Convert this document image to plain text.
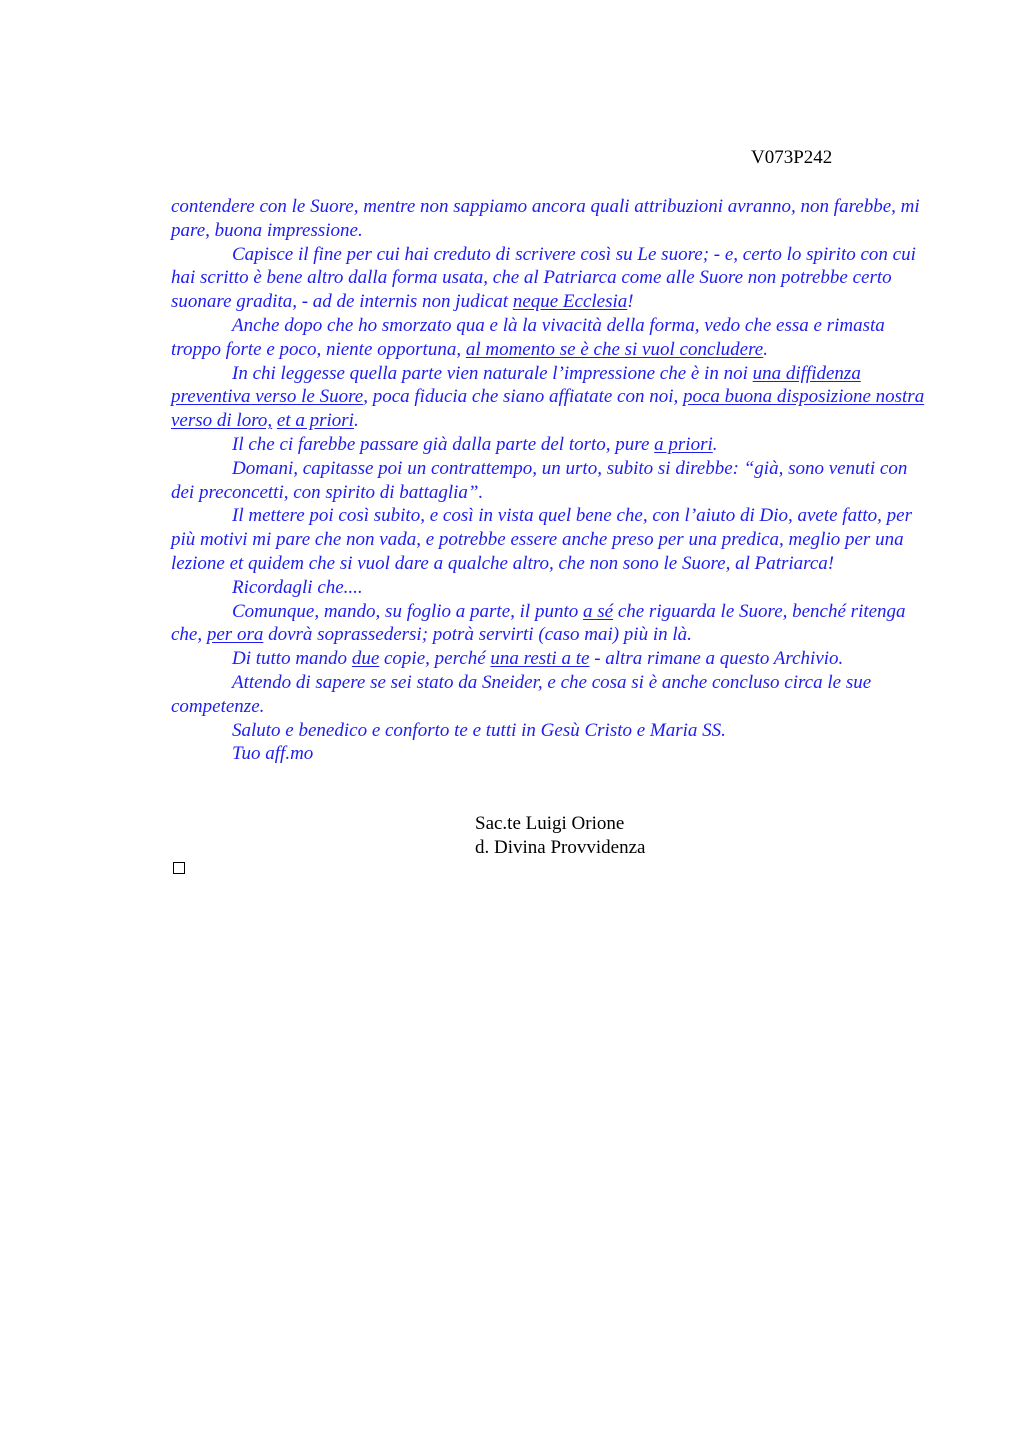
V073P242

contendere con le Suore, mentre non sappiamo ancora quali attribuzioni avranno, non farebbe, mi pare, buona impressione.

Capisce il fine per cui hai creduto di scrivere così su Le suore; - e, certo lo spirito con cui hai scritto è bene altro dalla forma usata, che al Patriarca come alle Suore non potrebbe certo suonare gradita, - ad de internis non judicat neque Ecclesia!

Anche dopo che ho smorzato qua e là la vivacità della forma, vedo che essa e rimasta troppo forte e poco, niente opportuna, al momento se è che si vuol concludere.

In chi leggesse quella parte vien naturale l’impressione che è in noi una diffidenza preventiva verso le Suore, poca fiducia che siano affiatate con noi, poca buona disposizione nostra verso di loro, et a priori.

Il che ci farebbe passare già dalla parte del torto, pure a priori.

Domani, capitasse poi un contrattempo, un urto, subito si direbbe: “già, sono venuti con dei preconcetti, con spirito di battaglia”.

Il mettere poi così subito, e così in vista quel bene che, con l’aiuto di Dio, avete fatto, per più motivi mi pare che non vada, e potrebbe essere anche preso per una predica, meglio per una lezione et quidem che si vuol dare a qualche altro, che non sono le Suore, al Patriarca!

Ricordagli che....

Comunque, mando, su foglio a parte, il punto a sé che riguarda le Suore, benché ritenga che, per ora dovrà soprassedersi; potrà servirti (caso mai) più in là.

Di tutto mando due copie, perché una resti a te - altra rimane a questo Archivio.

Attendo di sapere se sei stato da Sneider, e che cosa si è anche concluso circa le sue competenze.

Saluto e benedico e conforto te e tutti in Gesù Cristo e Maria SS.

Tuo aff.mo

Sac.te Luigi Orione
d. Divina Provvidenza
